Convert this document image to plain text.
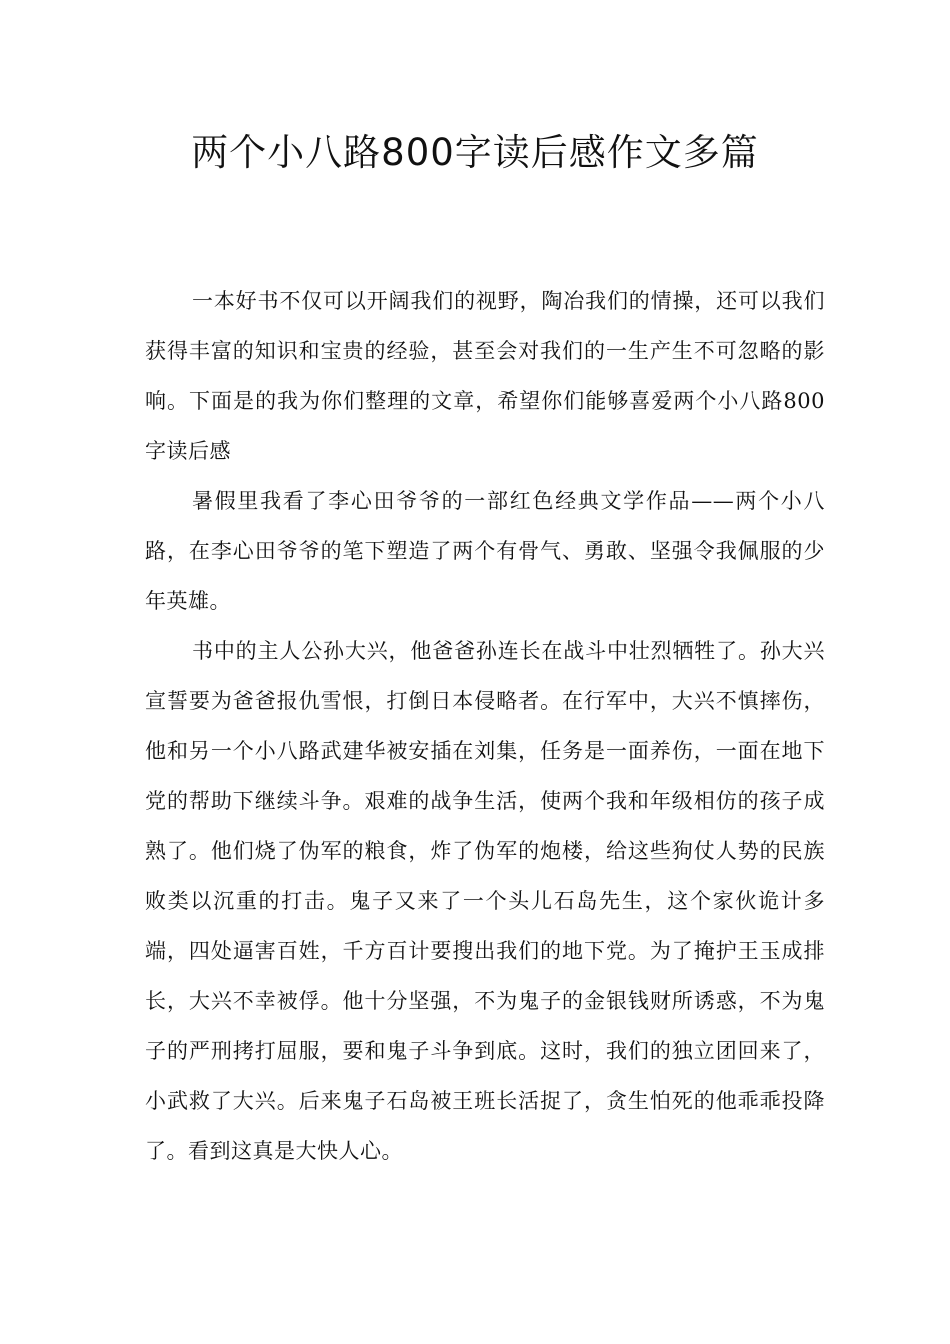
两个小八路800字读后感作文多篇

一本好书不仅可以开阔我们的视野，陶冶我们的情操，还可以我们获得丰富的知识和宝贵的经验，甚至会对我们的一生产生不可忽略的影响。下面是的我为你们整理的文章，希望你们能够喜爱两个小八路800字读后感

暑假里我看了李心田爷爷的一部红色经典文学作品——两个小八路，在李心田爷爷的笔下塑造了两个有骨气、勇敢、坚强令我佩服的少年英雄。

书中的主人公孙大兴，他爸爸孙连长在战斗中壮烈牺牲了。孙大兴宣誓要为爸爸报仇雪恨，打倒日本侵略者。在行军中，大兴不慎摔伤，他和另一个小八路武建华被安插在刘集，任务是一面养伤，一面在地下党的帮助下继续斗争。艰难的战争生活，使两个我和年级相仿的孩子成熟了。他们烧了伪军的粮食，炸了伪军的炮楼，给这些狗仗人势的民族败类以沉重的打击。鬼子又来了一个头儿石岛先生，这个家伙诡计多端，四处逼害百姓，千方百计要搜出我们的地下党。为了掩护王玉成排长，大兴不幸被俘。他十分坚强，不为鬼子的金银钱财所诱惑，不为鬼子的严刑拷打屈服，要和鬼子斗争到底。这时，我们的独立团回来了，小武救了大兴。后来鬼子石岛被王班长活捉了，贪生怕死的他乖乖投降了。看到这真是大快人心。
